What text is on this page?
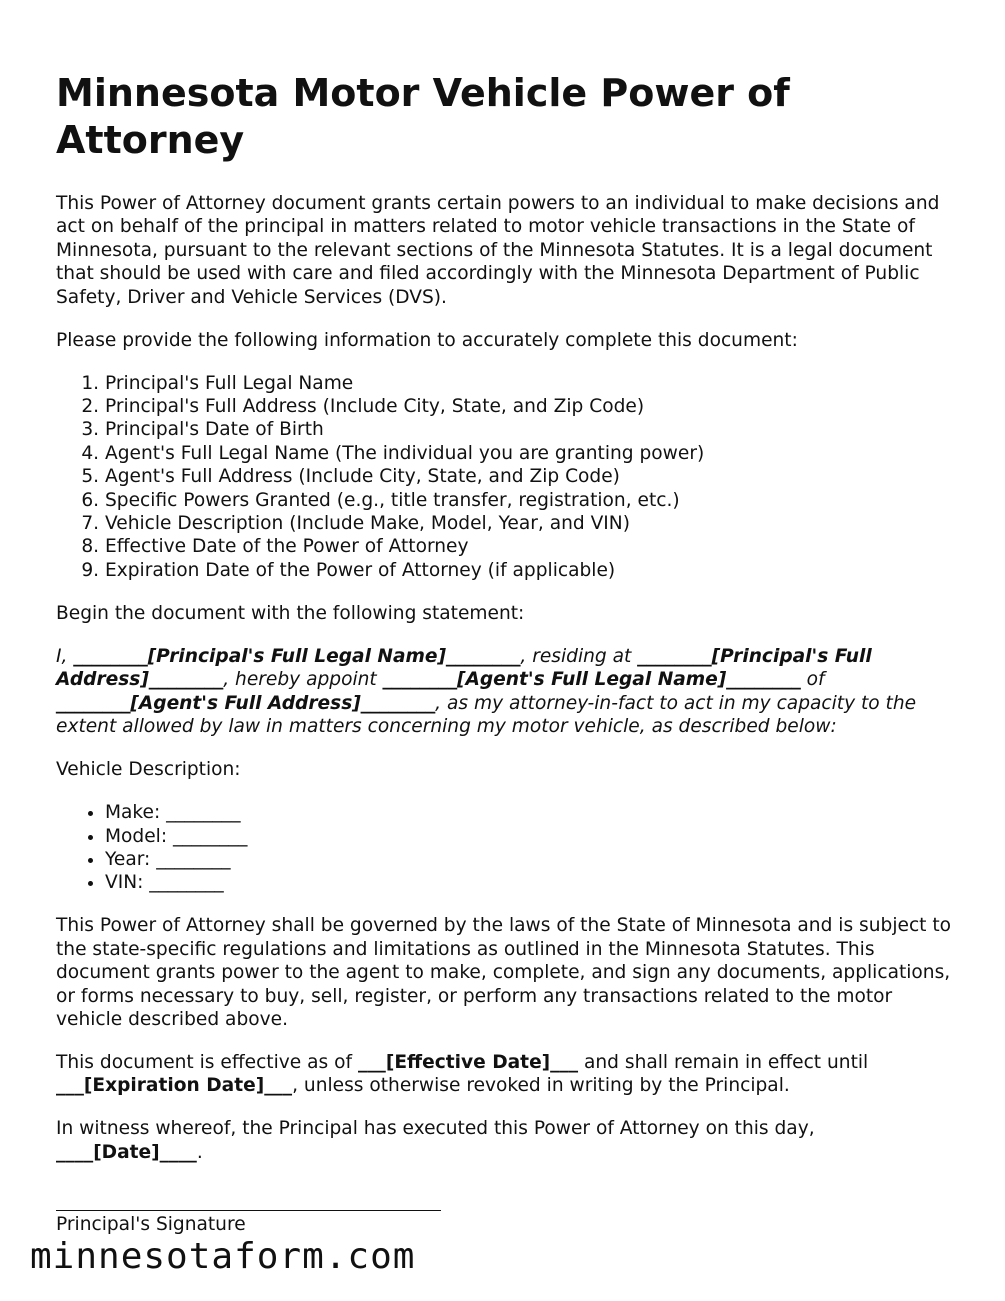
Minnesota Motor Vehicle Power of Attorney

This Power of Attorney document grants certain powers to an individual to make decisions and act on behalf of the principal in matters related to motor vehicle transactions in the State of Minnesota, pursuant to the relevant sections of the Minnesota Statutes. It is a legal document that should be used with care and filed accordingly with the Minnesota Department of Public Safety, Driver and Vehicle Services (DVS).

Please provide the following information to accurately complete this document:

1. Principal's Full Legal Name
2. Principal's Full Address (Include City, State, and Zip Code)
3. Principal's Date of Birth
4. Agent's Full Legal Name (The individual you are granting power)
5. Agent's Full Address (Include City, State, and Zip Code)
6. Specific Powers Granted (e.g., title transfer, registration, etc.)
7. Vehicle Description (Include Make, Model, Year, and VIN)
8. Effective Date of the Power of Attorney
9. Expiration Date of the Power of Attorney (if applicable)

Begin the document with the following statement:

I, ________[Principal's Full Legal Name]________, residing at ________[Principal's Full Address]________, hereby appoint ________[Agent's Full Legal Name]________ of ________[Agent's Full Address]________, as my attorney-in-fact to act in my capacity to the extent allowed by law in matters concerning my motor vehicle, as described below:

Vehicle Description:

• Make: ________
• Model: ________
• Year: ________
• VIN: ________

This Power of Attorney shall be governed by the laws of the State of Minnesota and is subject to the state-specific regulations and limitations as outlined in the Minnesota Statutes. This document grants power to the agent to make, complete, and sign any documents, applications, or forms necessary to buy, sell, register, or perform any transactions related to the motor vehicle described above.

This document is effective as of ___[Effective Date]___ and shall remain in effect until ___[Expiration Date]___, unless otherwise revoked in writing by the Principal.

In witness whereof, the Principal has executed this Power of Attorney on this day, ____[Date]____.

Principal's Signature
minnesotaform.com
